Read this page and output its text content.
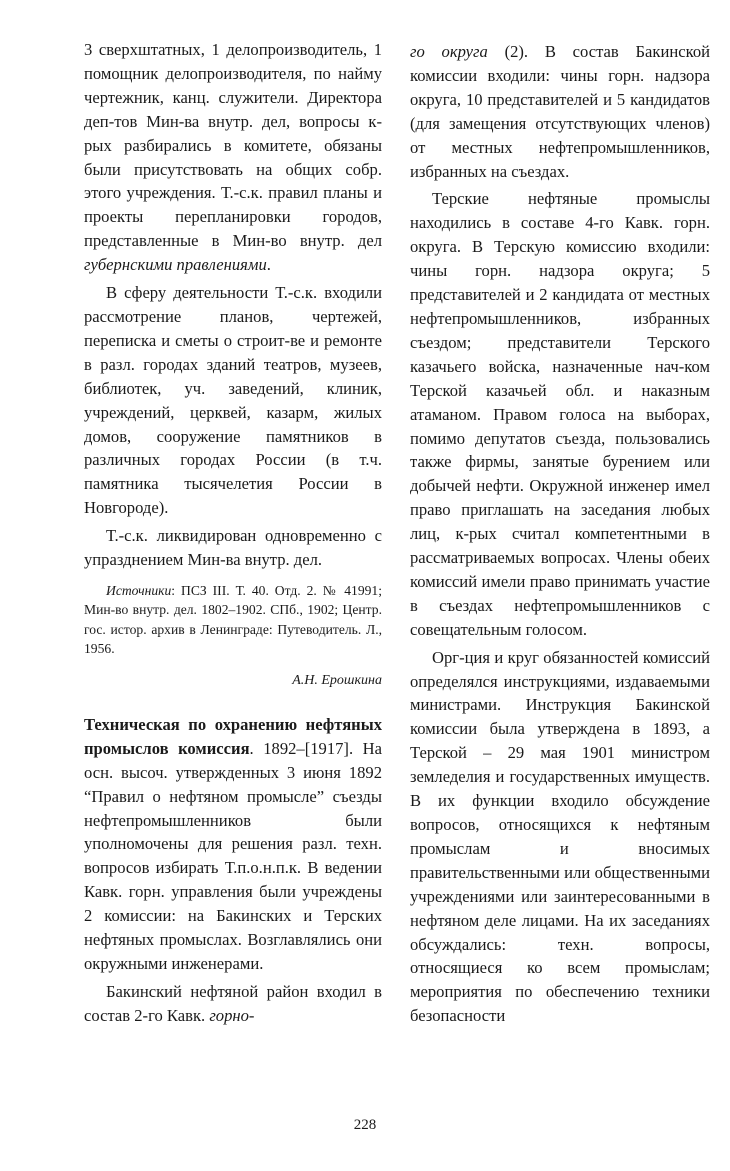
3 сверхштатных, 1 делопроизводитель, 1 помощник делопроизводителя, по найму чертежник, канц. служители. Директора деп-тов Мин-ва внутр. дел, вопросы к-рых разбирались в комитете, обязаны были присутствовать на общих собр. этого учреждения. Т.-с.к. правил планы и проекты перепланировки городов, представленные в Мин-во внутр. дел губернскими правлениями.

В сферу деятельности Т.-с.к. входили рассмотрение планов, чертежей, переписка и сметы о строит-ве и ремонте в разл. городах зданий театров, музеев, библиотек, уч. заведений, клиник, учреждений, церквей, казарм, жилых домов, сооружение памятников в различных городах России (в т.ч. памятника тысячелетия России в Новгороде).

Т.-с.к. ликвидирован одновременно с упразднением Мин-ва внутр. дел.

Источники: ПСЗ III. Т. 40. Отд. 2. № 41991; Мин-во внутр. дел. 1802–1902. СПб., 1902; Центр. гос. истор. архив в Ленинграде: Путеводитель. Л., 1956.

А.Н. Ерошкина

Техническая по охранению нефтяных промыслов комиссия. 1892–[1917]. На осн. высоч. утвержденных 3 июня 1892 “Правил о нефтяном промысле” съезды нефтепромышленников были уполномочены для решения разл. техн. вопросов избирать Т.п.о.н.п.к. В ведении Кавк. горн. управления были учреждены 2 комиссии: на Бакинских и Терских нефтяных промыслах. Возглавлялись они окружными инженерами.

Бакинский нефтяной район входил в состав 2-го Кавк. горно-

го округа (2). В состав Бакинской комиссии входили: чины горн. надзора округа, 10 представителей и 5 кандидатов (для замещения отсутствующих членов) от местных нефтепромышленников, избранных на съездах.

Терские нефтяные промыслы находились в составе 4-го Кавк. горн. округа. В Терскую комиссию входили: чины горн. надзора округа; 5 представителей и 2 кандидата от местных нефтепромышленников, избранных съездом; представители Терского казачьего войска, назначенные нач-ком Терской казачьей обл. и наказным атаманом. Правом голоса на выборах, помимо депутатов съезда, пользовались также фирмы, занятые бурением или добычей нефти. Окружной инженер имел право приглашать на заседания любых лиц, к-рых считал компетентными в рассматриваемых вопросах. Члены обеих комиссий имели право принимать участие в съездах нефтепромышленников с совещательным голосом.

Орг-ция и круг обязанностей комиссий определялся инструкциями, издаваемыми министрами. Инструкция Бакинской комиссии была утверждена в 1893, а Терской – 29 мая 1901 министром земледелия и государственных имуществ. В их функции входило обсуждение вопросов, относящихся к нефтяным промыслам и вносимых правительственными или общественными учреждениями или заинтересованными в нефтяном деле лицами. На их заседаниях обсуждались: техн. вопросы, относящиеся ко всем промыслам; мероприятия по обеспечению техники безопасности

228
